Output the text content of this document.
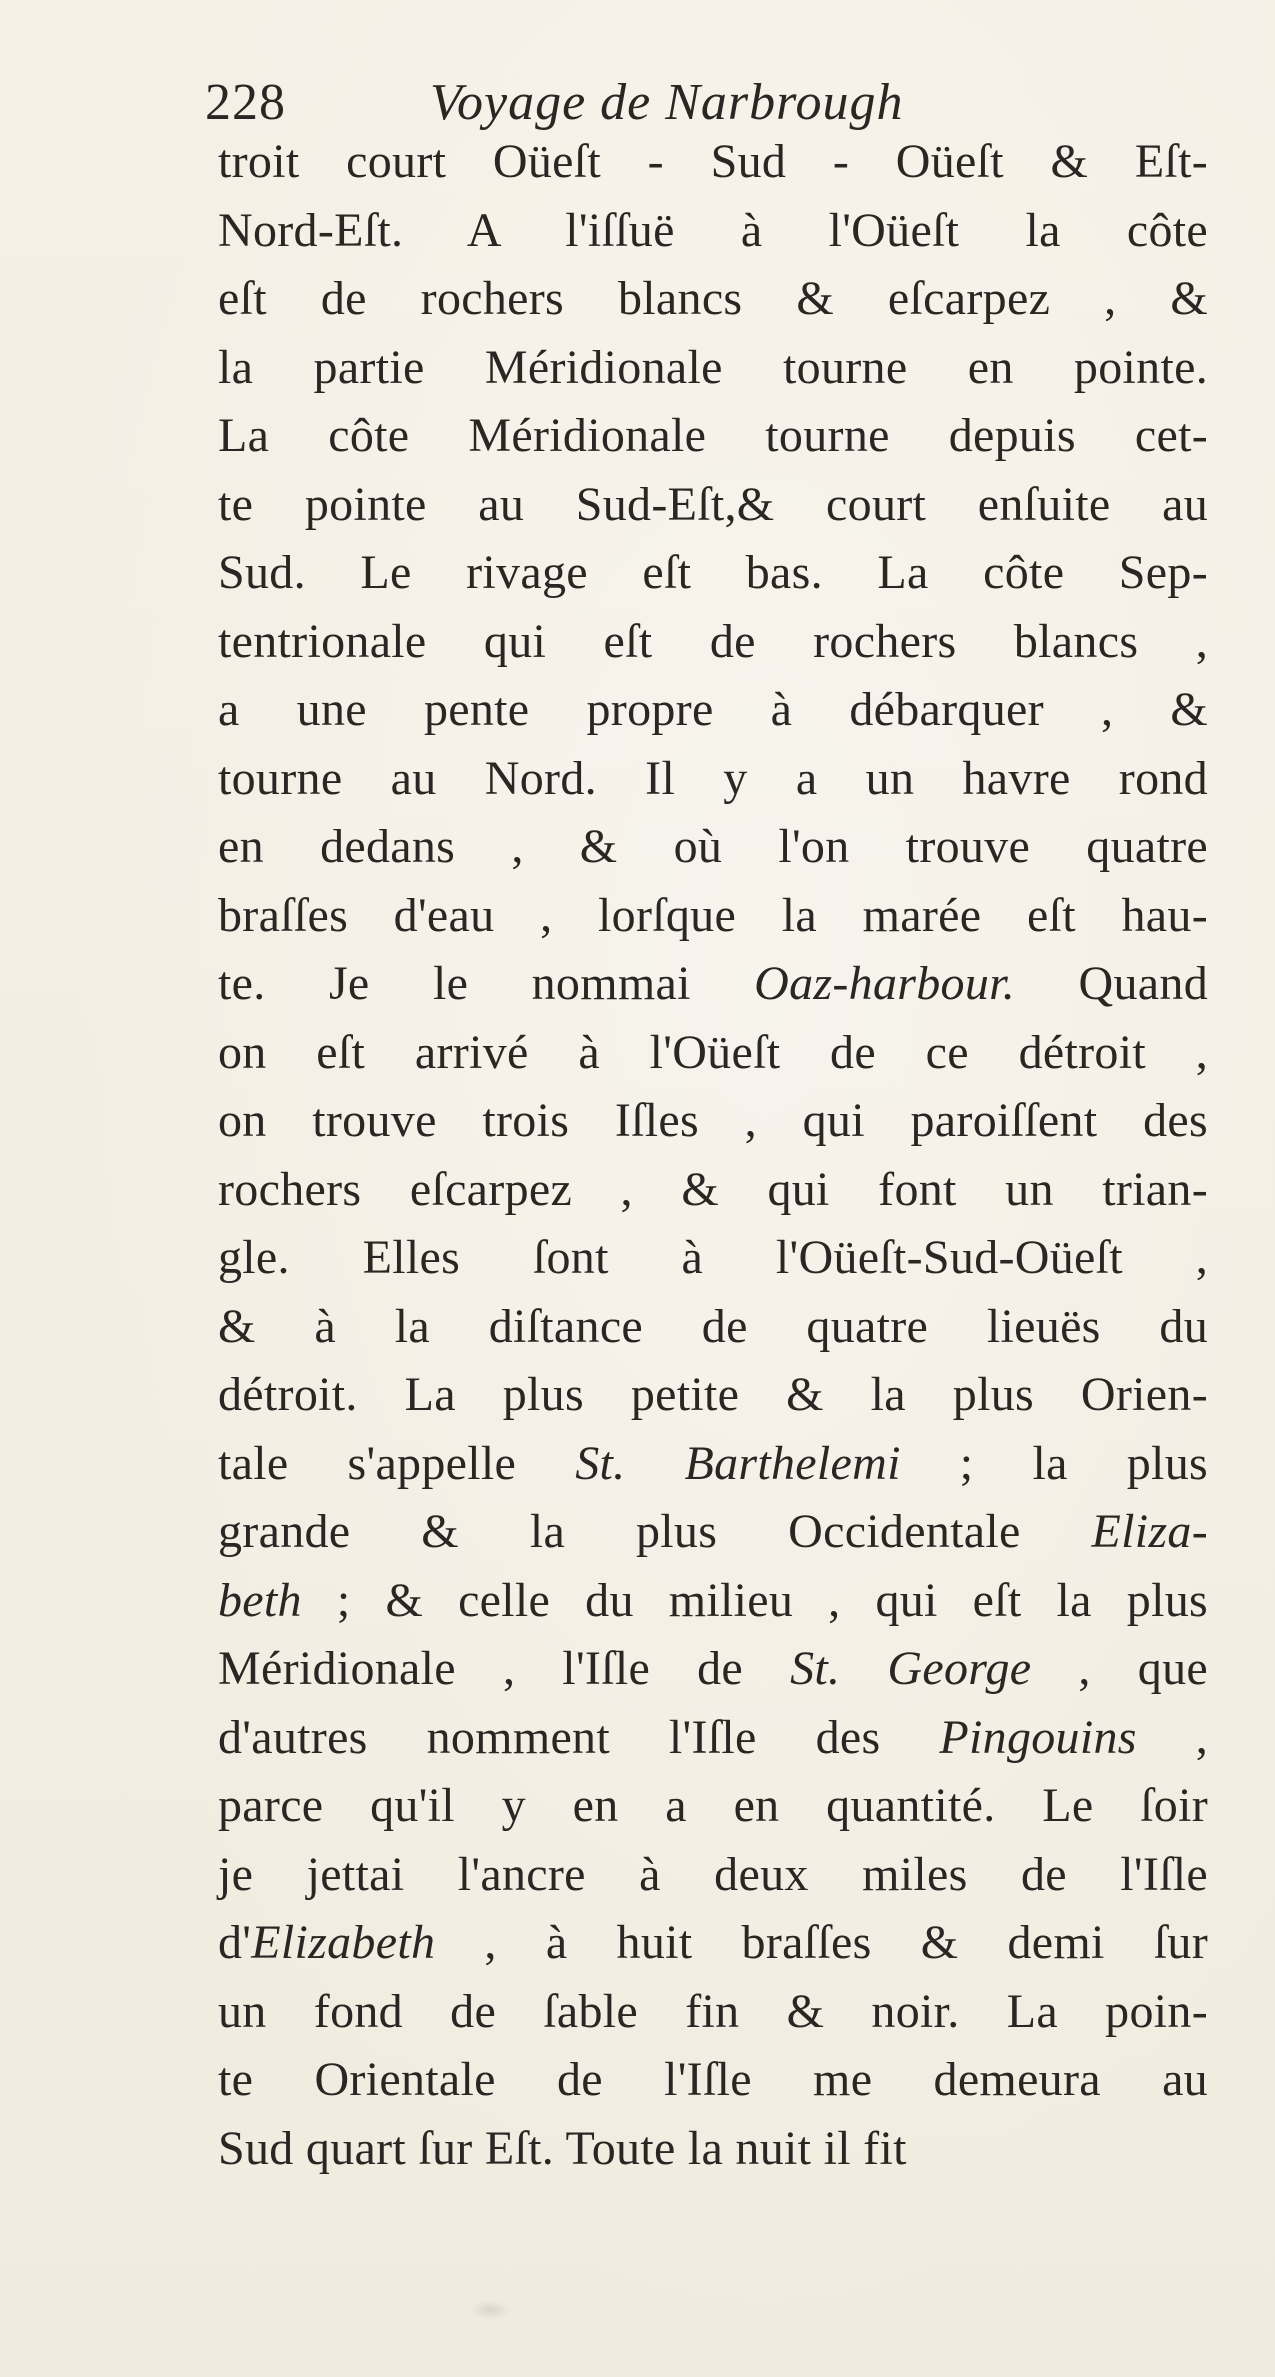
228	Voyage de Narbrough
troit court Oüeſt - Sud - Oüeſt & Eſt-
Nord-Eſt. A l'iſſuë à l'Oüeſt la côte
eſt de rochers blancs & eſcarpez , &
la partie Méridionale tourne en pointe.
La côte Méridionale tourne depuis cet-
te pointe au Sud-Eſt,& court enſuite au
Sud. Le rivage eſt bas. La côte Sep-
tentrionale qui eſt de rochers blancs ,
a une pente propre à débarquer , &
tourne au Nord. Il y a un havre rond
en dedans , & où l'on trouve quatre
braſſes d'eau , lorſque la marée eſt hau-
te. Je le nommai Oaz-harbour. Quand
on eſt arrivé à l'Oüeſt de ce détroit ,
on trouve trois Iſles , qui paroiſſent des
rochers eſcarpez , & qui font un trian-
gle. Elles ſont à l'Oüeſt-Sud-Oüeſt ,
& à la diſtance de quatre lieuës du
détroit. La plus petite & la plus Orien-
tale s'appelle St. Barthelemi ; la plus
grande & la plus Occidentale Eliza-
beth ; & celle du milieu , qui eſt la plus
Méridionale , l'Iſle de St. George , que
d'autres nomment l'Iſle des Pingouins ,
parce qu'il y en a en quantité. Le ſoir
je jettai l'ancre à deux miles de l'Iſle
d'Elizabeth , à huit braſſes & demi ſur
un fond de ſable fin & noir. La poin-
te Orientale de l'Iſle me demeura au
Sud quart ſur Eſt. Toute la nuit il fit
